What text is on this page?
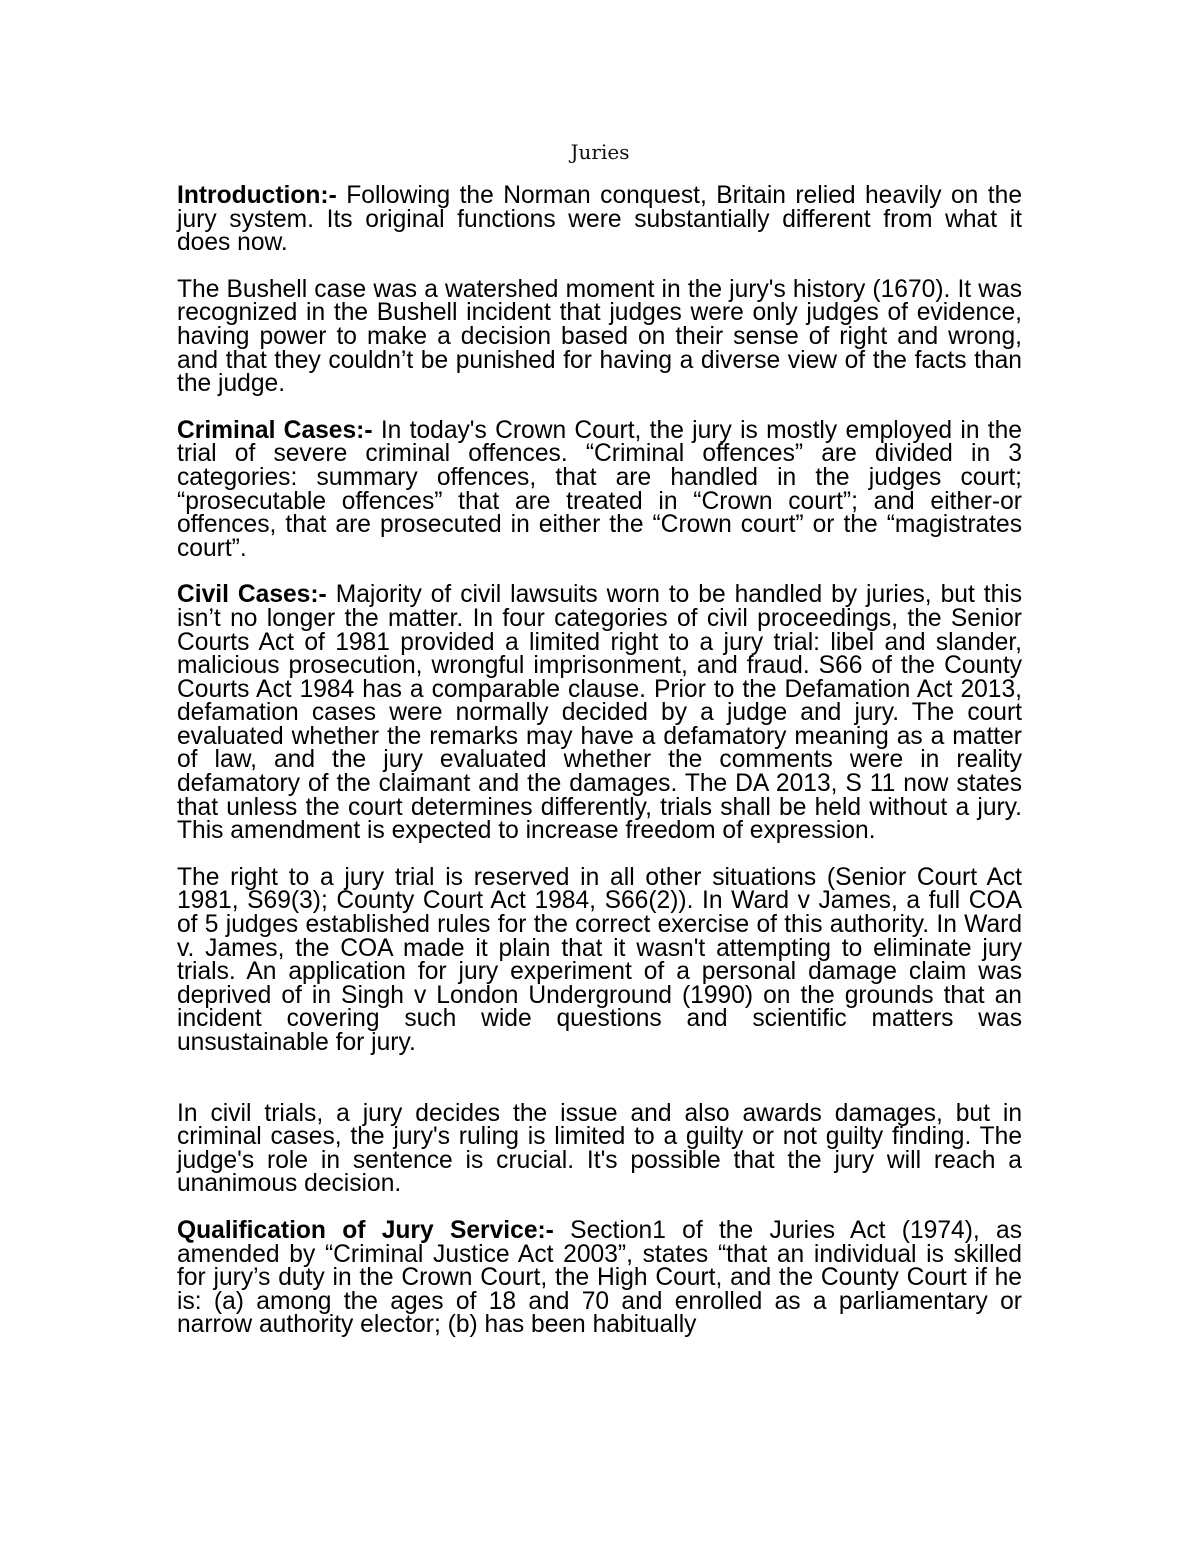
Juries

Introduction:- Following the Norman conquest, Britain relied heavily on the jury system. Its original functions were substantially different from what it does now.

The Bushell case was a watershed moment in the jury's history (1670). It was recognized in the Bushell incident that judges were only judges of evidence, having power to make a decision based on their sense of right and wrong, and that they couldn’t be punished for having a diverse view of the facts than the judge.

Criminal Cases:- In today's Crown Court, the jury is mostly employed in the trial of severe criminal offences. “Criminal offences” are divided in 3 categories: summary offences, that are handled in the judges court; “prosecutable offences” that are treated in “Crown court”; and either-or offences, that are prosecuted in either the “Crown court” or the “magistrates court”.

Civil Cases:- Majority of civil lawsuits worn to be handled by juries, but this isn’t no longer the matter. In four categories of civil proceedings, the Senior Courts Act of 1981 provided a limited right to a jury trial: libel and slander, malicious prosecution, wrongful imprisonment, and fraud. S66 of the County Courts Act 1984 has a comparable clause. Prior to the Defamation Act 2013, defamation cases were normally decided by a judge and jury. The court evaluated whether the remarks may have a defamatory meaning as a matter of law, and the jury evaluated whether the comments were in reality defamatory of the claimant and the damages. The DA 2013, S 11 now states that unless the court determines differently, trials shall be held without a jury. This amendment is expected to increase freedom of expression.

The right to a jury trial is reserved in all other situations (Senior Court Act 1981, S69(3); County Court Act 1984, S66(2)). In Ward v James, a full COA of 5 judges established rules for the correct exercise of this authority. In Ward v. James, the COA made it plain that it wasn't attempting to eliminate jury trials. An application for jury experiment of a personal damage claim was deprived of in Singh v London Underground (1990) on the grounds that an incident covering such wide questions and scientific matters was unsustainable for jury.

In civil trials, a jury decides the issue and also awards damages, but in criminal cases, the jury's ruling is limited to a guilty or not guilty finding. The judge's role in sentence is crucial. It's possible that the jury will reach a unanimous decision.

Qualification of Jury Service:- Section1 of the Juries Act (1974), as amended by “Criminal Justice Act 2003”, states “that an individual is skilled for jury’s duty in the Crown Court, the High Court, and the County Court if he is: (a) among the ages of 18 and 70 and enrolled as a parliamentary or narrow authority elector; (b) has been habitually
